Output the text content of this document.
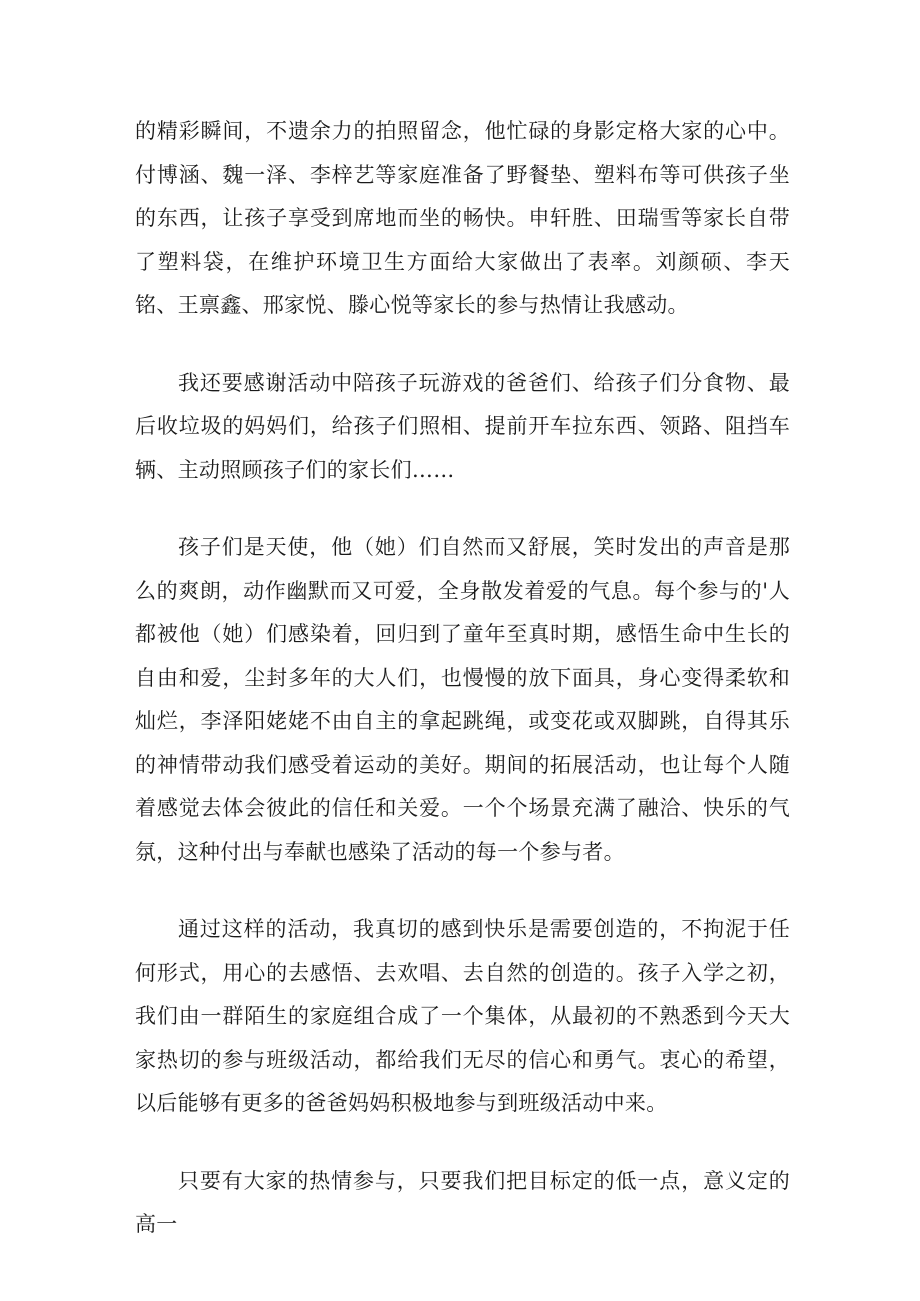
的精彩瞬间，不遗余力的拍照留念，他忙碌的身影定格大家的心中。付博涵、魏一泽、李梓艺等家庭准备了野餐垫、塑料布等可供孩子坐的东西，让孩子享受到席地而坐的畅快。申轩胜、田瑞雪等家长自带了塑料袋，在维护环境卫生方面给大家做出了表率。刘颜硕、李天铭、王禀鑫、邢家悦、滕心悦等家长的参与热情让我感动。

我还要感谢活动中陪孩子玩游戏的爸爸们、给孩子们分食物、最后收垃圾的妈妈们，给孩子们照相、提前开车拉东西、领路、阻挡车辆、主动照顾孩子们的家长们……

孩子们是天使，他（她）们自然而又舒展，笑时发出的声音是那么的爽朗，动作幽默而又可爱，全身散发着爱的气息。每个参与的'人都被他（她）们感染着，回归到了童年至真时期，感悟生命中生长的自由和爱，尘封多年的大人们，也慢慢的放下面具，身心变得柔软和灿烂，李泽阳姥姥不由自主的拿起跳绳，或变花或双脚跳，自得其乐的神情带动我们感受着运动的美好。期间的拓展活动，也让每个人随着感觉去体会彼此的信任和关爱。一个个场景充满了融洽、快乐的气氛，这种付出与奉献也感染了活动的每一个参与者。

通过这样的活动，我真切的感到快乐是需要创造的，不拘泥于任何形式，用心的去感悟、去欢唱、去自然的创造的。孩子入学之初，我们由一群陌生的家庭组合成了一个集体，从最初的不熟悉到今天大家热切的参与班级活动，都给我们无尽的信心和勇气。衷心的希望，以后能够有更多的爸爸妈妈积极地参与到班级活动中来。

只要有大家的热情参与，只要我们把目标定的低一点，意义定的高一
